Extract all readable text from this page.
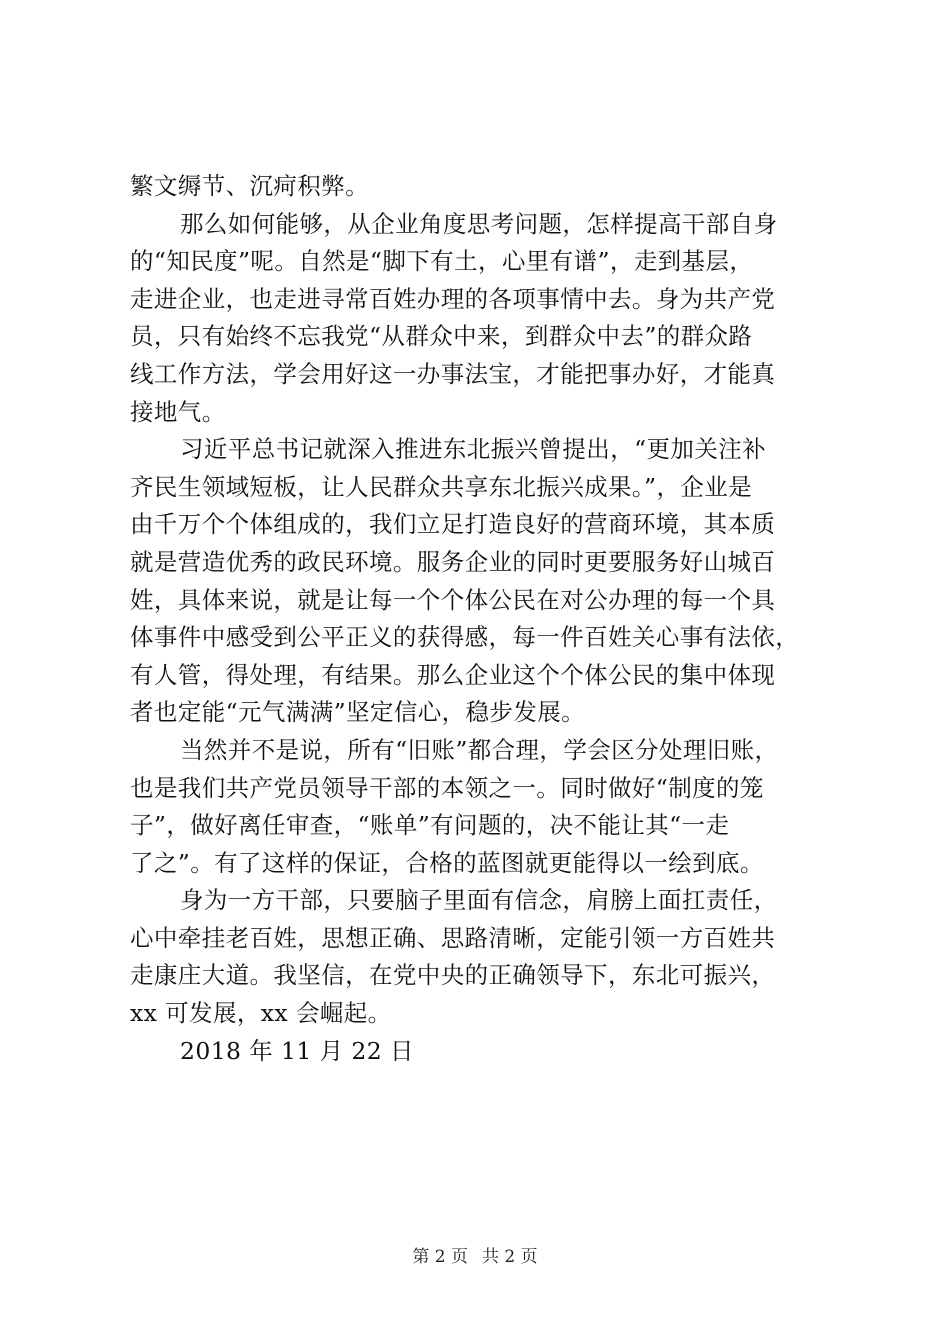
繁文缛节、沉疴积弊。
那么如何能够，从企业角度思考问题，怎样提高干部自身
的“知民度”呢。自然是“脚下有土，心里有谱”，走到基层，
走进企业，也走进寻常百姓办理的各项事情中去。身为共产党
员，只有始终不忘我党“从群众中来，到群众中去”的群众路
线工作方法，学会用好这一办事法宝，才能把事办好，才能真
接地气。
习近平总书记就深入推进东北振兴曾提出，“更加关注补
齐民生领域短板，让人民群众共享东北振兴成果。”，企业是
由千万个个体组成的，我们立足打造良好的营商环境，其本质
就是营造优秀的政民环境。服务企业的同时更要服务好山城百
姓，具体来说，就是让每一个个体公民在对公办理的每一个具
体事件中感受到公平正义的获得感，每一件百姓关心事有法依，
有人管，得处理，有结果。那么企业这个个体公民的集中体现
者也定能“元气满满”坚定信心，稳步发展。
当然并不是说，所有“旧账”都合理，学会区分处理旧账，
也是我们共产党员领导干部的本领之一。同时做好“制度的笼
子”，做好离任审查，“账单”有问题的，决不能让其“一走
了之”。有了这样的保证，合格的蓝图就更能得以一绘到底。
身为一方干部，只要脑子里面有信念，肩膀上面扛责任，
心中牵挂老百姓，思想正确、思路清晰，定能引领一方百姓共
走康庄大道。我坚信，在党中央的正确领导下，东北可振兴，
xx 可发展，xx 会崛起。
2018 年 11 月 22 日
第 2 页 共 2 页
